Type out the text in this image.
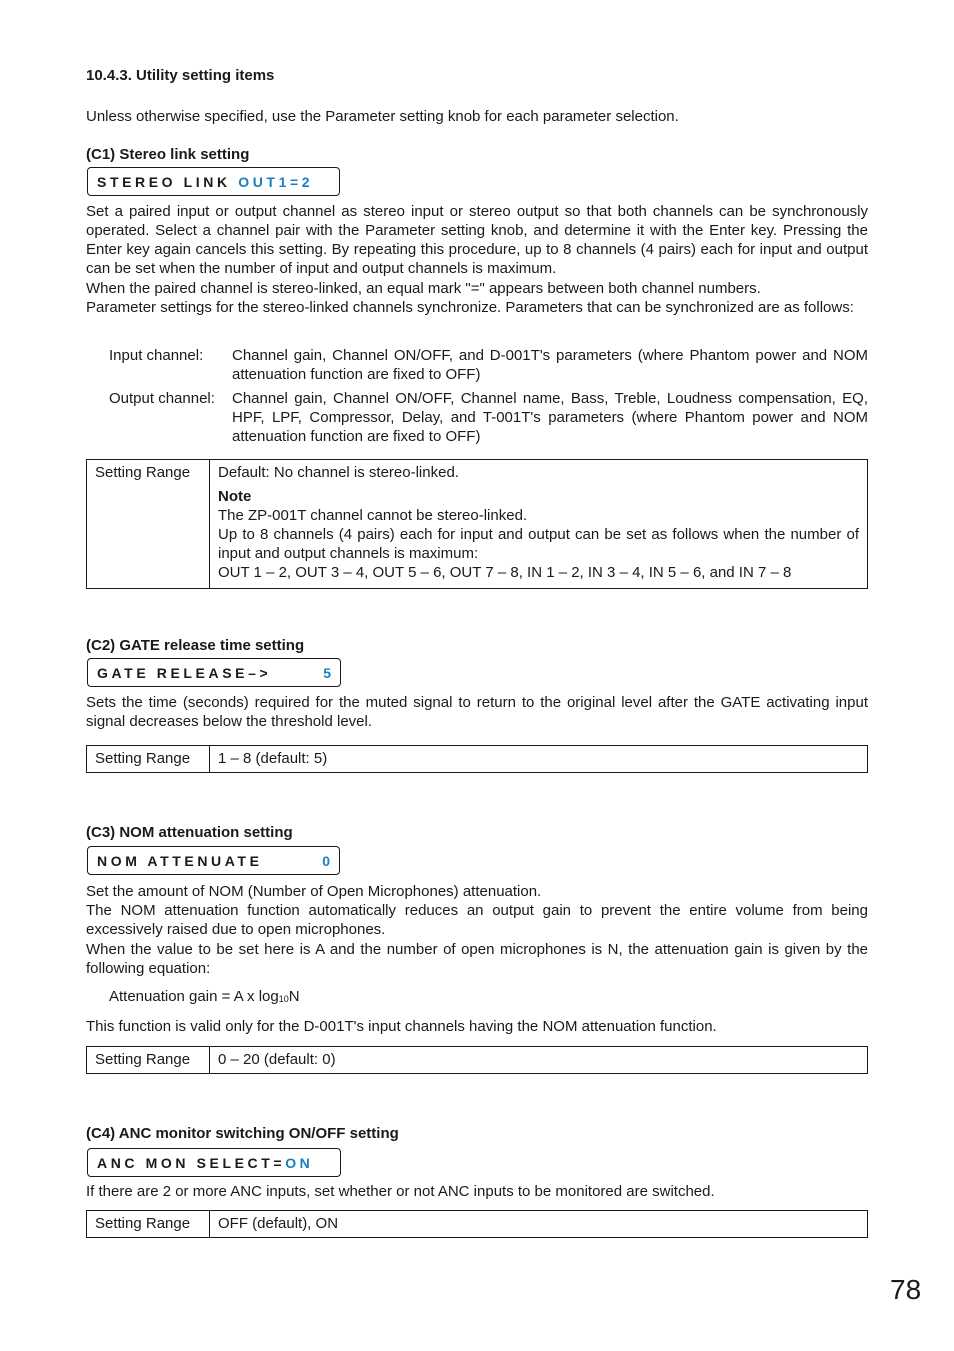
10.4.3. Utility setting items
Unless otherwise specified, use the Parameter setting knob for each parameter selection.
(C1) Stereo link setting
STEREO LINK OUT1=2
Set a paired input or output channel as stereo input or stereo output so that both channels can be synchronously operated. Select a channel pair with the Parameter setting knob, and determine it with the Enter key. Pressing the Enter key again cancels this setting. By repeating this procedure, up to 8 channels (4 pairs) each for input and output can be set when the number of input and output channels is maximum.
When the paired channel is stereo-linked, an equal mark "=" appears between both channel numbers.
Parameter settings for the stereo-linked channels synchronize. Parameters that can be synchronized are as follows:
Input channel: Channel gain, Channel ON/OFF, and D-001T's parameters (where Phantom power and NOM attenuation function are fixed to OFF)
Output channel: Channel gain, Channel ON/OFF, Channel name, Bass, Treble, Loudness compensation, EQ, HPF, LPF, Compressor, Delay, and T-001T's parameters (where Phantom power and NOM attenuation function are fixed to OFF)
Setting Range	Default: No channel is stereo-linked.
Note
The ZP-001T channel cannot be stereo-linked.
Up to 8 channels (4 pairs) each for input and output can be set as follows when the number of input and output channels is maximum:
OUT 1 – 2, OUT 3 – 4, OUT 5 – 6, OUT 7 – 8, IN 1 – 2, IN 3 – 4, IN 5 – 6, and IN 7 – 8
(C2) GATE release time setting
GATE RELEASE–>	5
Sets the time (seconds) required for the muted signal to return to the original level after the GATE activating input signal decreases below the threshold level.
Setting Range	1 – 8 (default: 5)
(C3) NOM attenuation setting
NOM ATTENUATE	0
Set the amount of NOM (Number of Open Microphones) attenuation.
The NOM attenuation function automatically reduces an output gain to prevent the entire volume from being excessively raised due to open microphones.
When the value to be set here is A and the number of open microphones is N, the attenuation gain is given by the following equation:
Attenuation gain = A x $\log_{10}N$
This function is valid only for the D-001T's input channels having the NOM attenuation function.
Setting Range	0 – 20 (default: 0)
(C4) ANC monitor switching ON/OFF setting
ANC MON SELECT=ON
If there are 2 or more ANC inputs, set whether or not ANC inputs to be monitored are switched.
Setting Range	OFF (default), ON
78
